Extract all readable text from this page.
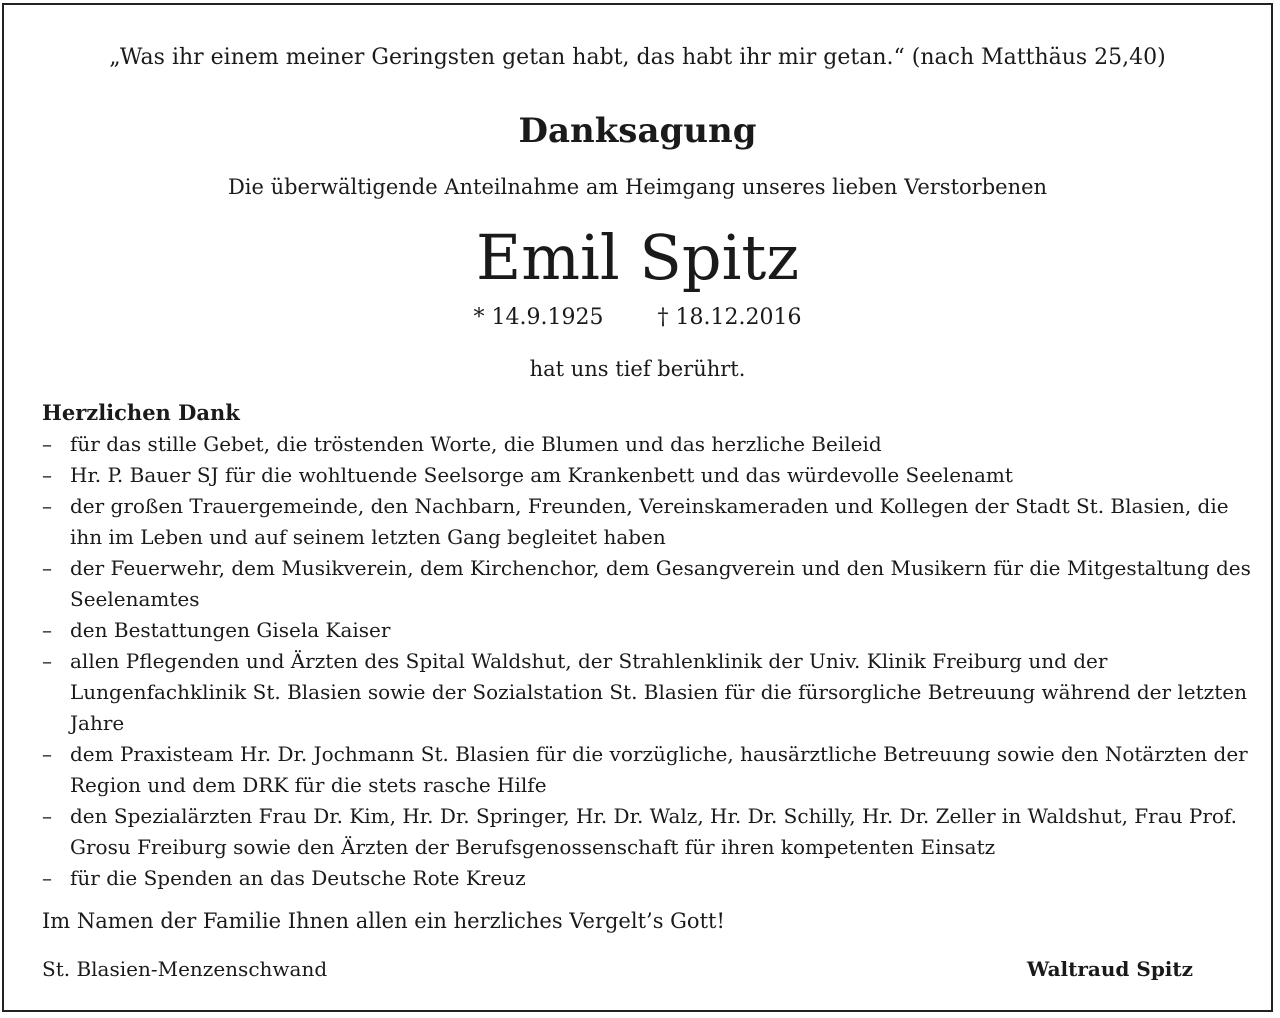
„Was ihr einem meiner Geringsten getan habt, das habt ihr mir getan.“ (nach Matthäus 25,40)
Danksagung
Die überwältigende Anteilnahme am Heimgang unseres lieben Verstorbenen
Emil Spitz
* 14.9.1925 † 18.12.2016
hat uns tief berührt.
Herzlichen Dank
– für das stille Gebet, die tröstenden Worte, die Blumen und das herzliche Beileid
– Hr. P. Bauer SJ für die wohltuende Seelsorge am Krankenbett und das würdevolle Seelenamt
– der großen Trauergemeinde, den Nachbarn, Freunden, Vereinskameraden und Kollegen der Stadt St. Blasien, die ihn im Leben und auf seinem letzten Gang begleitet haben
– der Feuerwehr, dem Musikverein, dem Kirchenchor, dem Gesangverein und den Musikern für die Mitgestaltung des Seelenamtes
– den Bestattungen Gisela Kaiser
– allen Pflegenden und Ärzten des Spital Waldshut, der Strahlenklinik der Univ. Klinik Freiburg und der Lungenfachklinik St. Blasien sowie der Sozialstation St. Blasien für die fürsorgliche Betreuung während der letzten Jahre
– dem Praxisteam Hr. Dr. Jochmann St. Blasien für die vorzügliche, hausärztliche Betreuung sowie den Notärzten der Region und dem DRK für die stets rasche Hilfe
– den Spezialärzten Frau Dr. Kim, Hr. Dr. Springer, Hr. Dr. Walz, Hr. Dr. Schilly, Hr. Dr. Zeller in Waldshut, Frau Prof. Grosu Freiburg sowie den Ärzten der Berufsgenossenschaft für ihren kompetenten Einsatz
– für die Spenden an das Deutsche Rote Kreuz
Im Namen der Familie Ihnen allen ein herzliches Vergelt’s Gott!
St. Blasien-Menzenschwand	Waltraud Spitz
